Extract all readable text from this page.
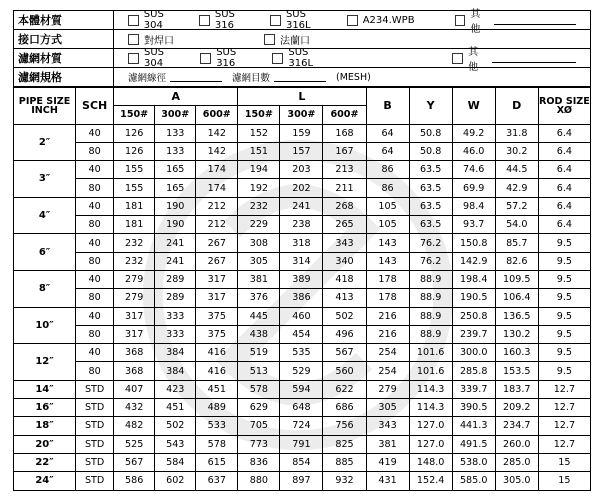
本體材質	SUS 304
SUS 316
SUS 316L	A234.WPB	其他
接口方式	對焊口	法蘭口
濾網材質	SUS 304
SUS 316
SUS 316L
其他
濾網規格	濾網線徑	濾網目數	(MESH)
PIPE SIZE INCH	SCH	A			L			B	Y	W	D	ROD SIZE XØ
		150#	300#	600#	150#	300#	600#					
2″	40	126	133	142	152	159	168	64	50.8	49.2	31.8	6.4
	80	126	133	142	151	157	167	64	50.8	46.0	30.2	6.4
3″	40	155	165	174	194	203	213	86	63.5	74.6	44.5	6.4
	80	155	165	174	192	202	211	86	63.5	69.9	42.9	6.4
4″	40	181	190	212	232	241	268	105	63.5	98.4	57.2	6.4
	80	181	190	212	229	238	265	105	63.5	93.7	54.0	6.4
6″	40	232	241	267	308	318	343	143	76.2	150.8	85.7	9.5
	80	232	241	267	305	314	340	143	76.2	142.9	82.6	9.5
8″	40	279	289	317	381	389	418	178	88.9	198.4	109.5	9.5
	80	279	289	317	376	386	413	178	88.9	190.5	106.4	9.5
10″	40	317	333	375	445	460	502	216	88.9	250.8	136.5	9.5
	80	317	333	375	438	454	496	216	88.9	239.7	130.2	9.5
12″	40	368	384	416	519	535	567	254	101.6	300.0	160.3	9.5
	80	368	384	416	513	529	560	254	101.6	285.8	153.5	9.5
14″	STD	407	423	451	578	594	622	279	114.3	339.7	183.7	12.7
16″	STD	432	451	489	629	648	686	305	114.3	390.5	209.2	12.7
18″	STD	482	502	533	705	724	756	343	127.0	441.3	234.7	12.7
20″	STD	525	543	578	773	791	825	381	127.0	491.5	260.0	12.7
22″	STD	567	584	615	836	854	885	419	148.0	538.0	285.0	15
24″	STD	586	602	637	880	897	932	431	152.4	585.0	305.0	15
